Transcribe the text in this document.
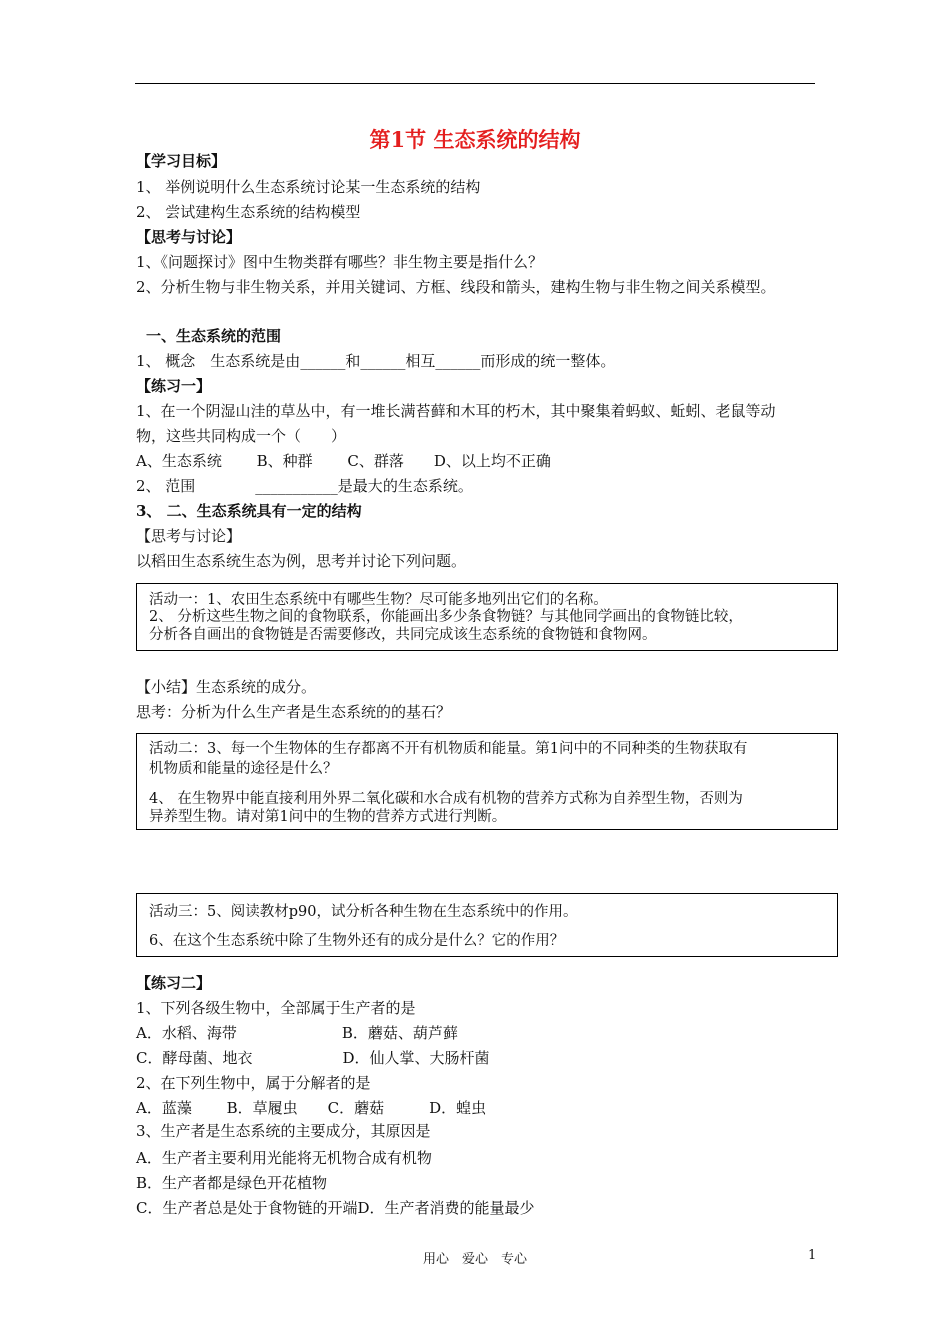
第1节 生态系统的结构
【学习目标】
1、 举例说明什么生态系统讨论某一生态系统的结构
2、 尝试建构生态系统的结构模型
【思考与讨论】
1、《问题探讨》图中生物类群有哪些？非生物主要是指什么？
2、分析生物与非生物关系，并用关键词、方框、线段和箭头，建构生物与非生物之间关系模型。
一、生态系统的范围
1、 概念　生态系统是由______和______相互______而形成的统一整体。
【练习一】
1、在一个阴湿山洼的草丛中，有一堆长满苔藓和木耳的朽木，其中聚集着蚂蚁、蚯蚓、老鼠等动
物，这些共同构成一个（　　）
A、生态系统　　 B、种群　　 C、群落　　D、以上均不正确
2、 范围　　　　___________是最大的生态系统。
3、 二、生态系统具有一定的结构
【思考与讨论】
以稻田生态系统生态为例，思考并讨论下列问题。
活动一：1、农田生态系统中有哪些生物？尽可能多地列出它们的名称。
2、 分析这些生物之间的食物联系，你能画出多少条食物链？与其他同学画出的食物链比较，
分析各自画出的食物链是否需要修改，共同完成该生态系统的食物链和食物网。
【小结】生态系统的成分。
思考：分析为什么生产者是生态系统的的基石？
活动二：3、每一个生物体的生存都离不开有机物质和能量。第1问中的不同种类的生物获取有
机物质和能量的途径是什么？
4、 在生物界中能直接利用外界二氧化碳和水合成有机物的营养方式称为自养型生物，否则为
异养型生物。请对第1问中的生物的营养方式进行判断。
活动三：5、阅读教材p90，试分析各种生物在生态系统中的作用。
6、在这个生态系统中除了生物外还有的成分是什么？它的作用？
【练习二】
1、下列各级生物中，全部属于生产者的是
A．水稻、海带　　　　　　　B．蘑菇、葫芦藓
C．酵母菌、地衣　　　　　　D．仙人掌、大肠杆菌
2、在下列生物中，属于分解者的是
A．蓝藻　　 B．草履虫　　C．蘑菇　　　D．蝗虫
3、生产者是生态系统的主要成分，其原因是
A．生产者主要利用光能将无机物合成有机物
B．生产者都是绿色开花植物
C．生产者总是处于食物链的开端D．生产者消费的能量最少
用心　爱心　专心	1
